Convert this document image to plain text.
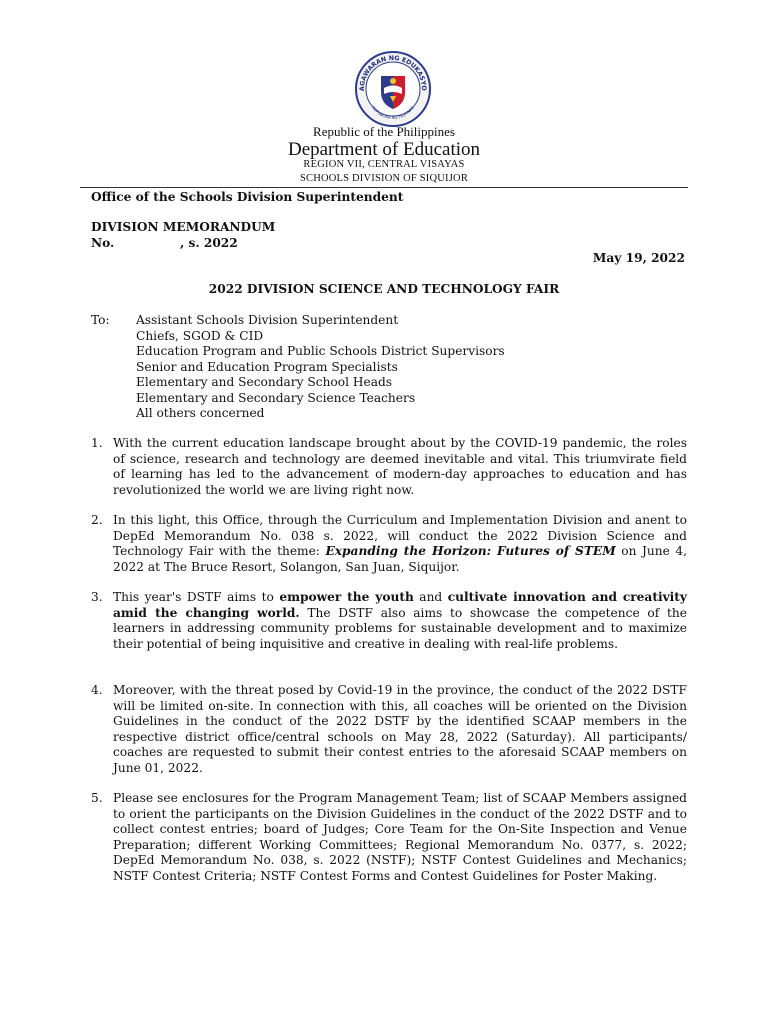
AGAWARAN NG EDUKASYO
REPUBLIKA NG PILIPINAS
Republic of the Philippines
Department of Education
REGION VII, CENTRAL VISAYAS
SCHOOLS DIVISION OF SIQUIJOR
Office of the Schools Division Superintendent
DIVISION MEMORANDUM
No.	, s. 2022
May 19, 2022
2022 DIVISION SCIENCE AND TECHNOLOGY FAIR
To: Assistant Schools Division Superintendent
Chiefs, SGOD & CID
Education Program and Public Schools District Supervisors
Senior and Education Program Specialists
Elementary and Secondary School Heads
Elementary and Secondary Science Teachers
All others concerned
1. With the current education landscape brought about by the COVID-19 pandemic, the roles of science, research and technology are deemed inevitable and vital. This triumvirate field of learning has led to the advancement of modern-day approaches to education and has revolutionized the world we are living right now.
2. In this light, this Office, through the Curriculum and Implementation Division and anent to DepEd Memorandum No. 038 s. 2022, will conduct the 2022 Division Science and Technology Fair with the theme: Expanding the Horizon: Futures of STEM on June 4, 2022 at The Bruce Resort, Solangon, San Juan, Siquijor.
3. This year's DSTF aims to empower the youth and cultivate innovation and creativity amid the changing world. The DSTF also aims to showcase the competence of the learners in addressing community problems for sustainable development and to maximize their potential of being inquisitive and creative in dealing with real-life problems.
4. Moreover, with the threat posed by Covid-19 in the province, the conduct of the 2022 DSTF will be limited on-site. In connection with this, all coaches will be oriented on the Division Guidelines in the conduct of the 2022 DSTF by the identified SCAAP members in the respective district office/central schools on May 28, 2022 (Saturday). All participants/ coaches are requested to submit their contest entries to the aforesaid SCAAP members on June 01, 2022.
5. Please see enclosures for the Program Management Team; list of SCAAP Members assigned to orient the participants on the Division Guidelines in the conduct of the 2022 DSTF and to collect contest entries; board of Judges; Core Team for the On-Site Inspection and Venue Preparation; different Working Committees; Regional Memorandum No. 0377, s. 2022; DepEd Memorandum No. 038, s. 2022 (NSTF); NSTF Contest Guidelines and Mechanics; NSTF Contest Criteria; NSTF Contest Forms and Contest Guidelines for Poster Making.
